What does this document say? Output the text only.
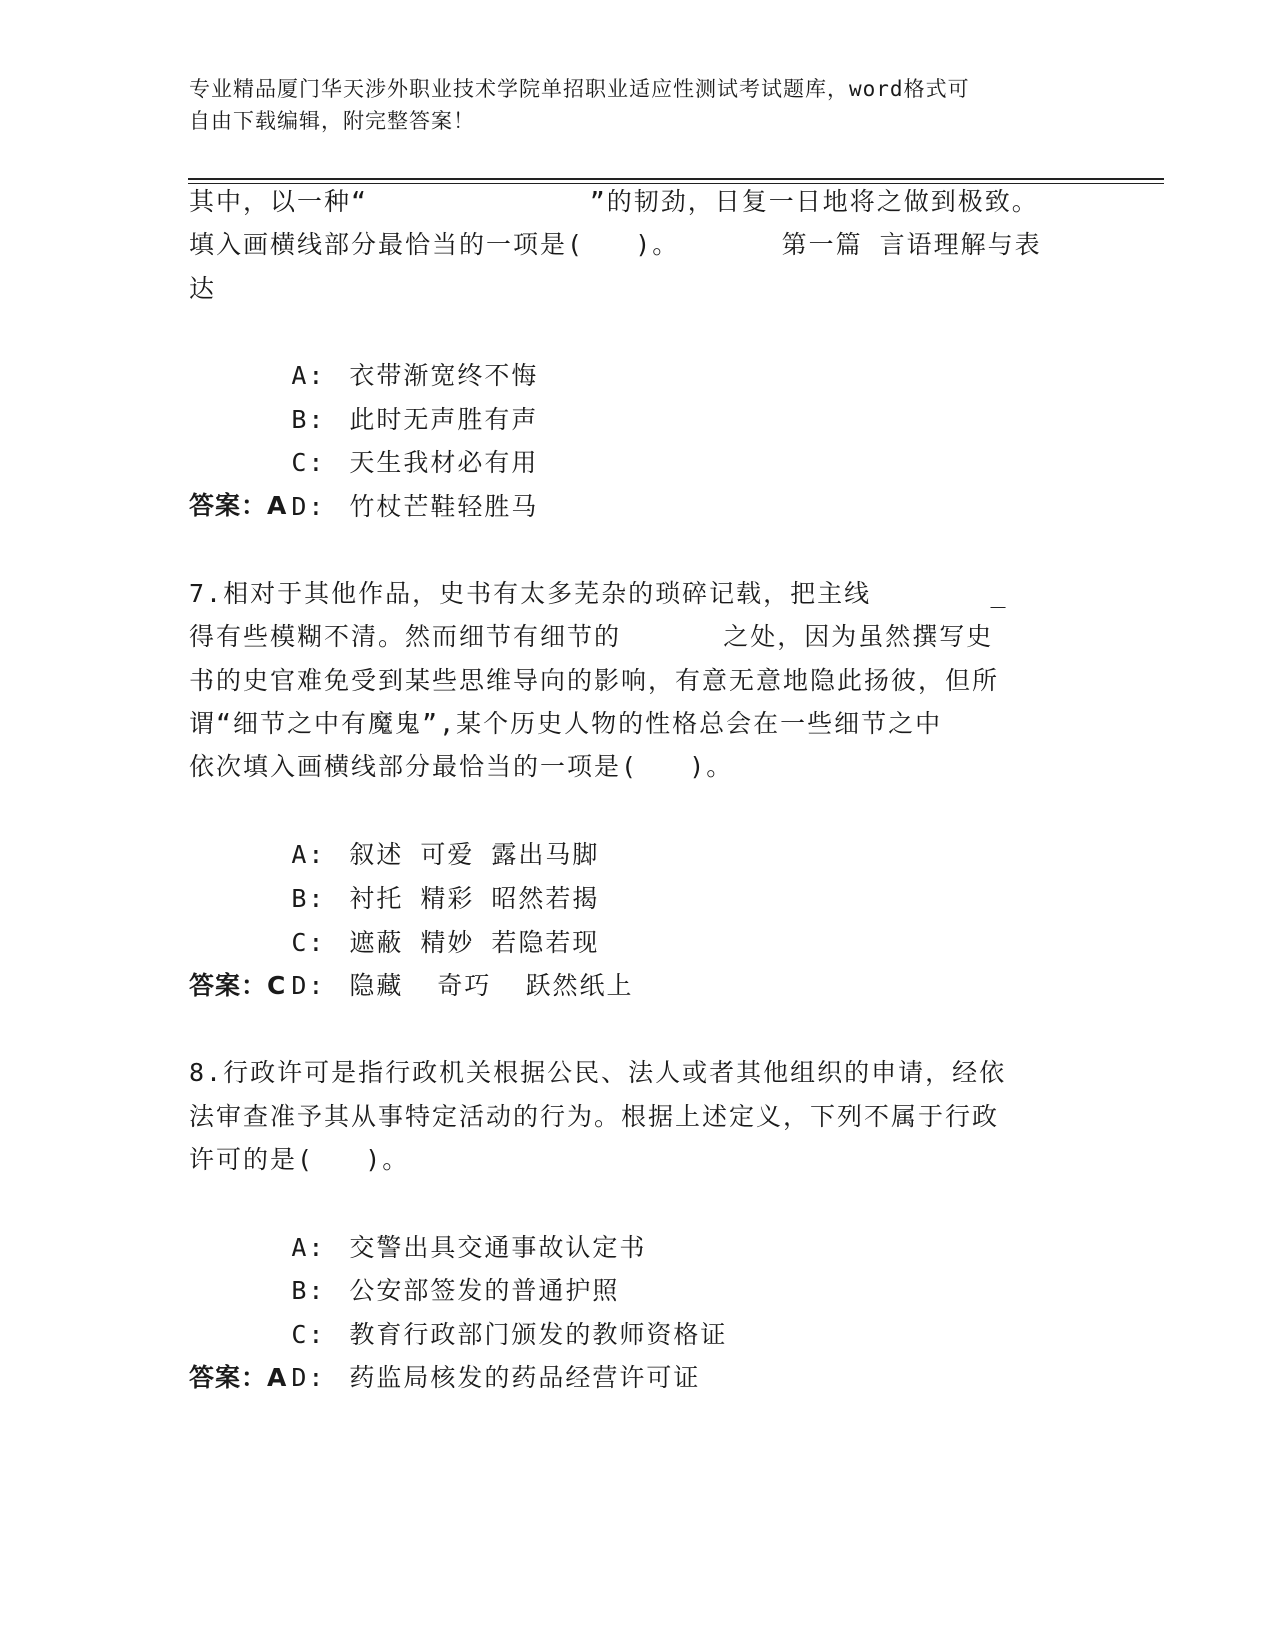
专业精品厦门华天涉外职业技术学院单招职业适应性测试考试题库，word格式可
自由下载编辑，附完整答案！
其中，以一种“             ”的韧劲，日复一日地将之做到极致。
填入画横线部分最恰当的一项是(   )。      第一篇 言语理解与表
达

A: 衣带渐宽终不悔

B: 此时无声胜有声

C: 天生我材必有用

D: 竹杖芒鞋轻胜马

答案：A
7.相对于其他作品，史书有太多芜杂的琐碎记载，把主线       _
得有些模糊不清。然而细节有细节的      之处，因为虽然撰写史
书的史官难免受到某些思维导向的影响，有意无意地隐此扬彼，但所
谓“细节之中有魔鬼”,某个历史人物的性格总会在一些细节之中
依次填入画横线部分最恰当的一项是(   )。

A: 叙述 可爱 露出马脚

B: 衬托 精彩 昭然若揭

C: 遮蔽 精妙 若隐若现

D: 隐藏  奇巧  跃然纸上

答案：C
8.行政许可是指行政机关根据公民、法人或者其他组织的申请，经依
法审查准予其从事特定活动的行为。根据上述定义，下列不属于行政
许可的是(   )。

A: 交警出具交通事故认定书

B: 公安部签发的普通护照

C: 教育行政部门颁发的教师资格证

D: 药监局核发的药品经营许可证

答案：A
